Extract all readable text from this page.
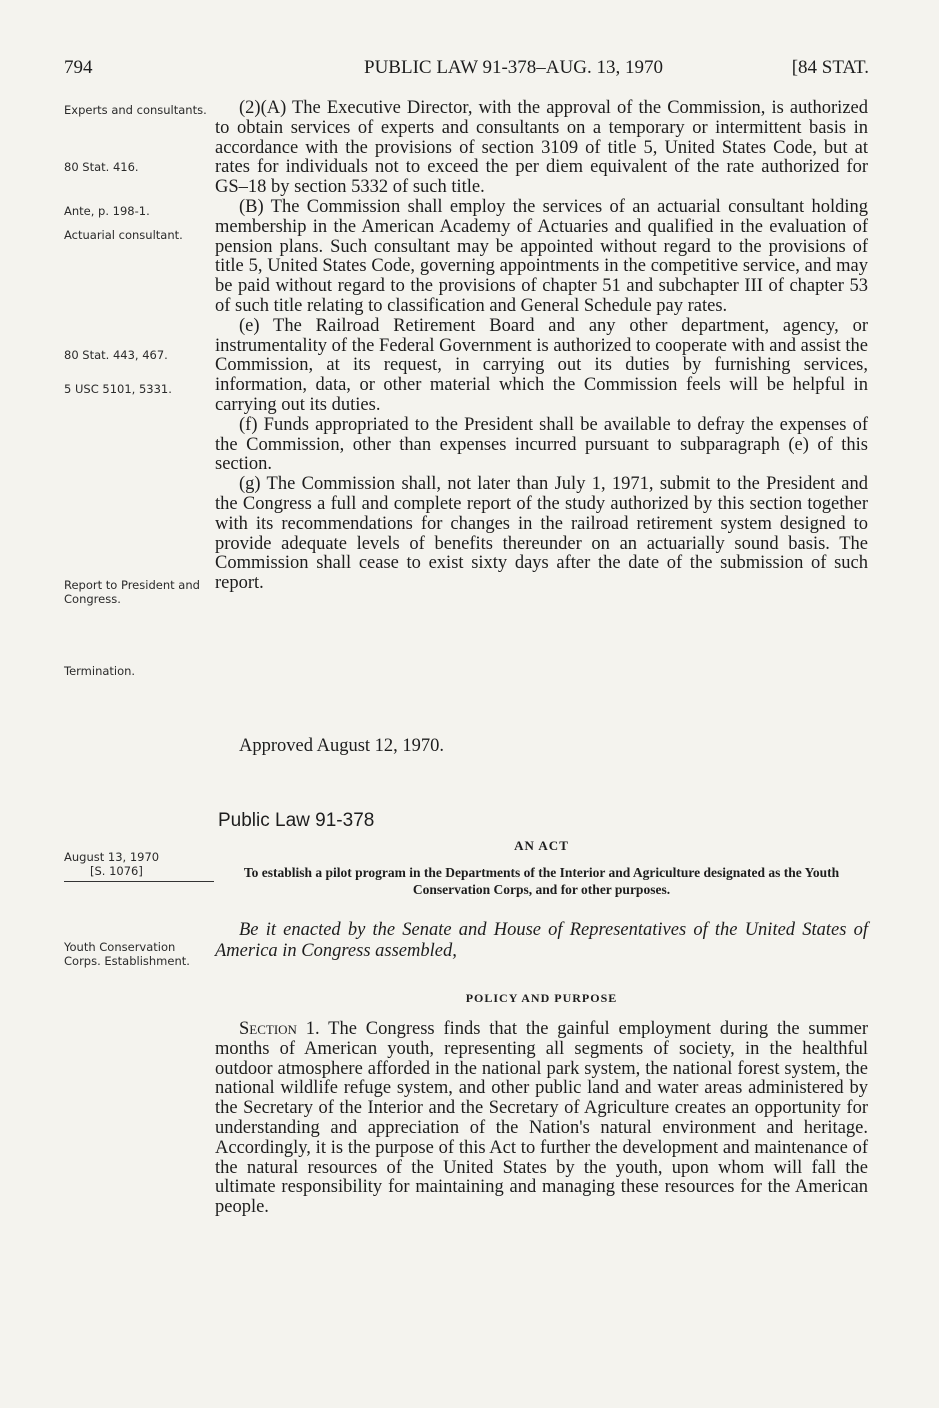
794	PUBLIC LAW 91-378–AUG. 13, 1970	[84 STAT.
Experts and consultants.
80 Stat. 416.
Ante, p. 198-1.
Actuarial consultant.
80 Stat. 443, 467.
5 USC 5101, 5331.
Report to President and Congress.
Termination.
August 13, 1970
[S. 1076]
Youth Conservation Corps. Establishment.

(2)(A) The Executive Director, with the approval of the Commission, is authorized to obtain services of experts and consultants on a temporary or intermittent basis in accordance with the provisions of section 3109 of title 5, United States Code, but at rates for individuals not to exceed the per diem equivalent of the rate authorized for GS–18 by section 5332 of such title.

(B) The Commission shall employ the services of an actuarial consultant holding membership in the American Academy of Actuaries and qualified in the evaluation of pension plans. Such consultant may be appointed without regard to the provisions of title 5, United States Code, governing appointments in the competitive service, and may be paid without regard to the provisions of chapter 51 and subchapter III of chapter 53 of such title relating to classification and General Schedule pay rates.

(e) The Railroad Retirement Board and any other department, agency, or instrumentality of the Federal Government is authorized to cooperate with and assist the Commission, at its request, in carrying out its duties by furnishing services, information, data, or other material which the Commission feels will be helpful in carrying out its duties.

(f) Funds appropriated to the President shall be available to defray the expenses of the Commission, other than expenses incurred pursuant to subparagraph (e) of this section.

(g) The Commission shall, not later than July 1, 1971, submit to the President and the Congress a full and complete report of the study authorized by this section together with its recommendations for changes in the railroad retirement system designed to provide adequate levels of benefits thereunder on an actuarially sound basis. The Commission shall cease to exist sixty days after the date of the submission of such report.

Approved August 12, 1970.
Public Law 91-378
AN ACT
To establish a pilot program in the Departments of the Interior and Agriculture designated as the Youth Conservation Corps, and for other purposes.
Be it enacted by the Senate and House of Representatives of the United States of America in Congress assembled,
POLICY AND PURPOSE

Section 1. The Congress finds that the gainful employment during the summer months of American youth, representing all segments of society, in the healthful outdoor atmosphere afforded in the national park system, the national forest system, the national wildlife refuge system, and other public land and water areas administered by the Secretary of the Interior and the Secretary of Agriculture creates an opportunity for understanding and appreciation of the Nation's natural environment and heritage. Accordingly, it is the purpose of this Act to further the development and maintenance of the natural resources of the United States by the youth, upon whom will fall the ultimate responsibility for maintaining and managing these resources for the American people.
